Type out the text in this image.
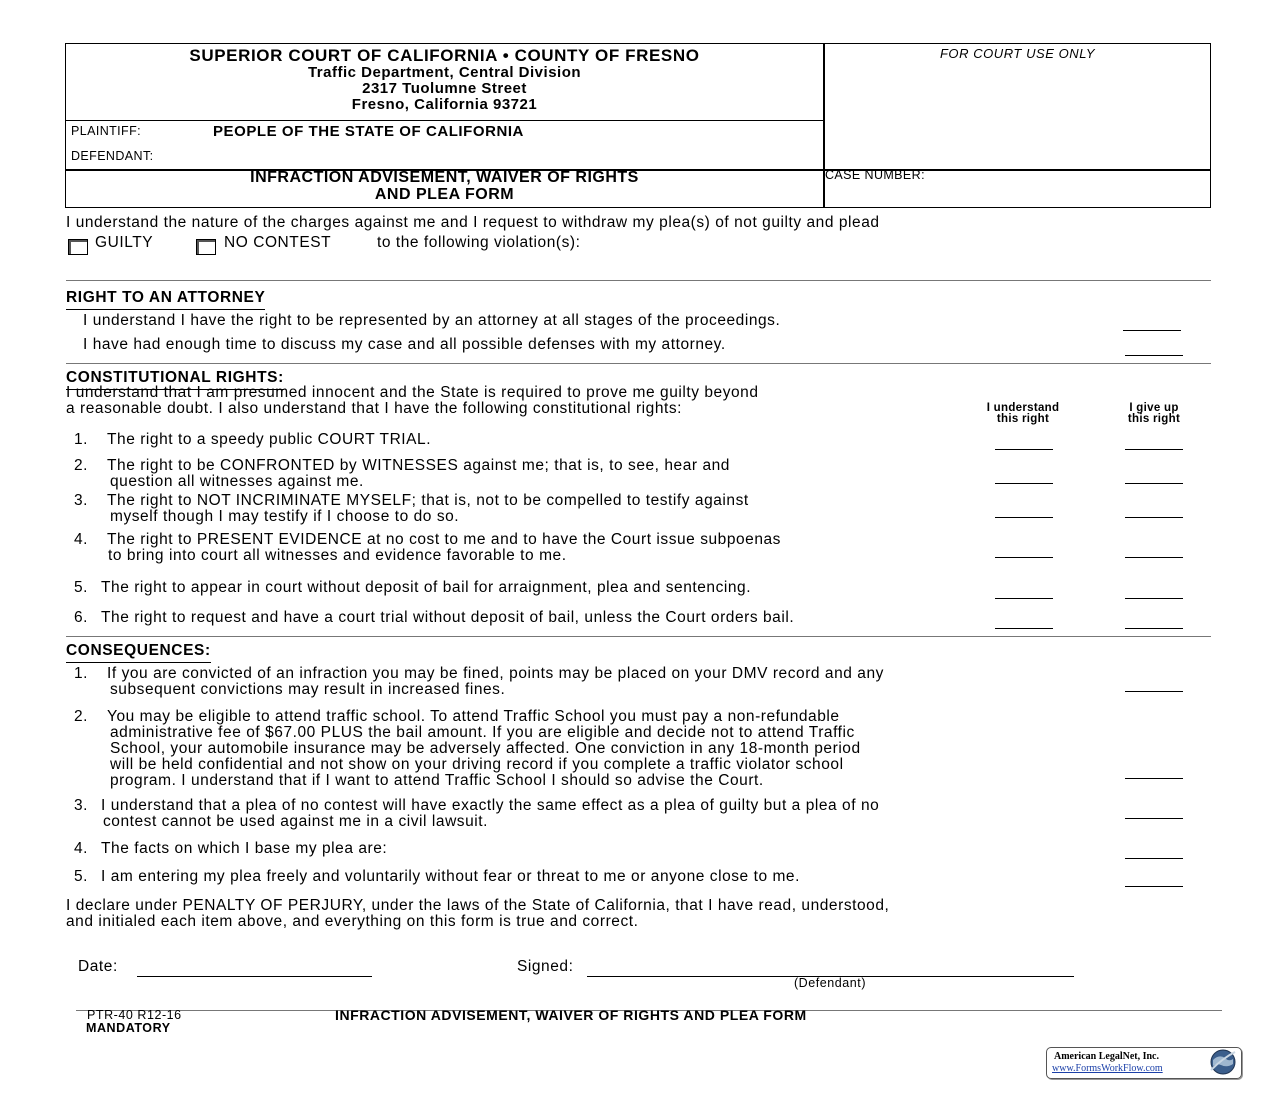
SUPERIOR COURT OF CALIFORNIA • COUNTY OF FRESNO
Traffic Department, Central Division
2317 Tuolumne Street
Fresno, California 93721
FOR COURT USE ONLY
PLAINTIFF:	PEOPLE OF THE STATE OF CALIFORNIA
DEFENDANT:
INFRACTION ADVISEMENT, WAIVER OF RIGHTS
AND PLEA FORM
CASE NUMBER:
I understand the nature of the charges against me and I request to withdraw my plea(s) of not guilty and plead
GUILTY	NO CONTEST	to the following violation(s):
RIGHT TO AN ATTORNEY
I understand I have the right to be represented by an attorney at all stages of the proceedings.
I have had enough time to discuss my case and all possible defenses with my attorney.
CONSTITUTIONAL RIGHTS:
I understand that I am presumed innocent and the State is required to prove me guilty beyond
a reasonable doubt. I also understand that I have the following constitutional rights:	I understand
this right
I give up
this right
1. The right to a speedy public COURT TRIAL.
2. The right to be CONFRONTED by WITNESSES against me; that is, to see, hear and
question all witnesses against me.
3. The right to NOT INCRIMINATE MYSELF; that is, not to be compelled to testify against
myself though I may testify if I choose to do so.
4. The right to PRESENT EVIDENCE at no cost to me and to have the Court issue subpoenas
to bring into court all witnesses and evidence favorable to me.
5. The right to appear in court without deposit of bail for arraignment, plea and sentencing.
6. The right to request and have a court trial without deposit of bail, unless the Court orders bail.
CONSEQUENCES:
1. If you are convicted of an infraction you may be fined, points may be placed on your DMV record and any
subsequent convictions may result in increased fines.
2. You may be eligible to attend traffic school. To attend Traffic School you must pay a non-refundable
administrative fee of $67.00 PLUS the bail amount. If you are eligible and decide not to attend Traffic
School, your automobile insurance may be adversely affected. One conviction in any 18-month period
will be held confidential and not show on your driving record if you complete a traffic violator school
program. I understand that if I want to attend Traffic School I should so advise the Court.
3. I understand that a plea of no contest will have exactly the same effect as a plea of guilty but a plea of no
contest cannot be used against me in a civil lawsuit.
4. The facts on which I base my plea are:
5. I am entering my plea freely and voluntarily without fear or threat to me or anyone close to me.
I declare under PENALTY OF PERJURY, under the laws of the State of California, that I have read, understood,
and initialed each item above, and everything on this form is true and correct.
Date:	Signed:
(Defendant)
PTR-40 R12-16
MANDATORY
INFRACTION ADVISEMENT, WAIVER OF RIGHTS AND PLEA FORM
American LegalNet, Inc.
www.FormsWorkFlow.com
